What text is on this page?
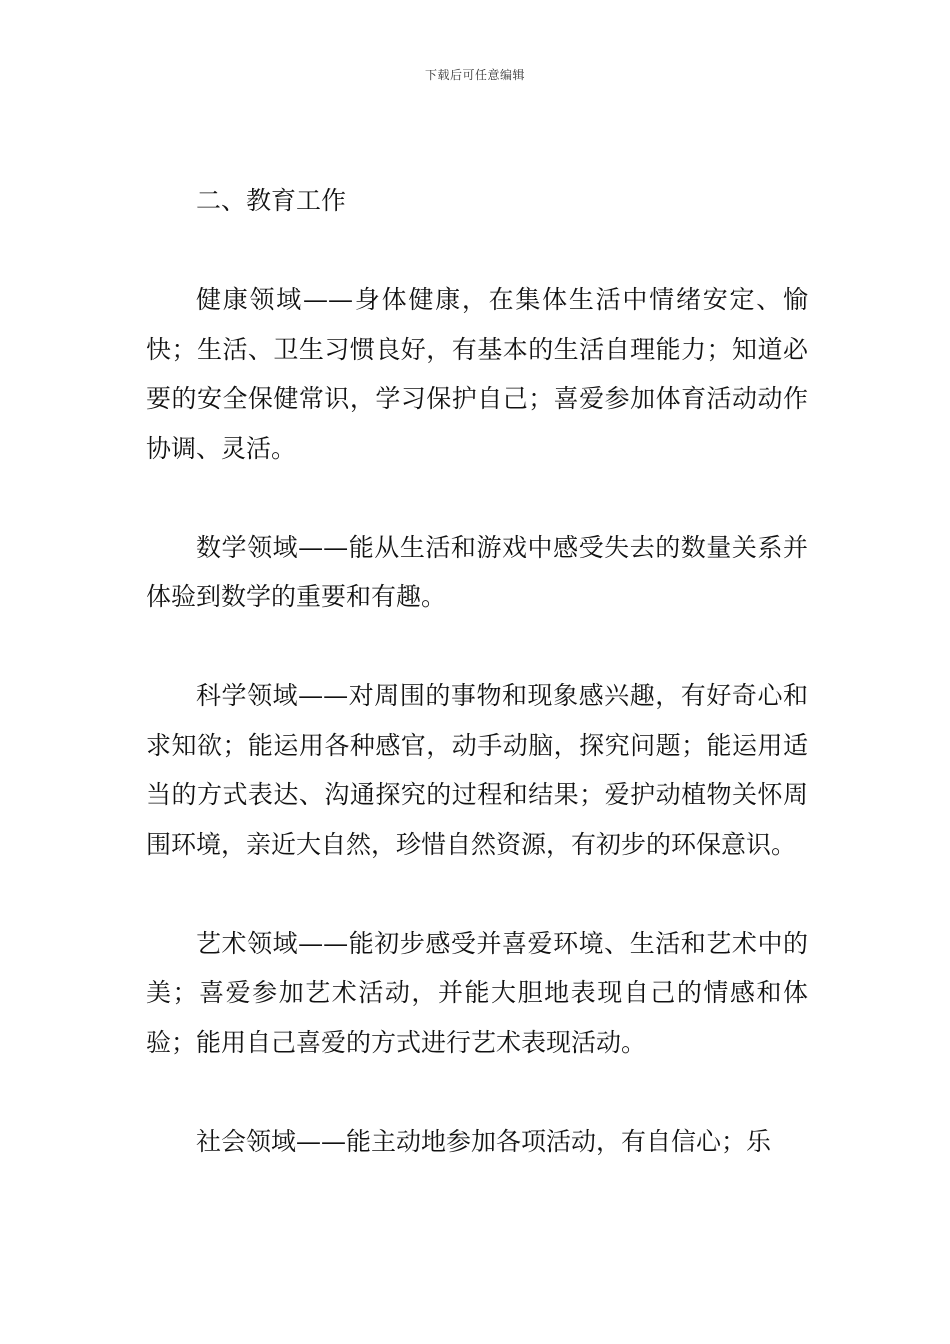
下载后可任意编辑

二、教育工作

健康领域——身体健康，在集体生活中情绪安定、愉快；生活、卫生习惯良好，有基本的生活自理能力；知道必要的安全保健常识，学习保护自己；喜爱参加体育活动动作协调、灵活。

数学领域——能从生活和游戏中感受失去的数量关系并体验到数学的重要和有趣。

科学领域——对周围的事物和现象感兴趣，有好奇心和求知欲；能运用各种感官，动手动脑，探究问题；能运用适当的方式表达、沟通探究的过程和结果；爱护动植物关怀周围环境，亲近大自然，珍惜自然资源，有初步的环保意识。

艺术领域——能初步感受并喜爱环境、生活和艺术中的美；喜爱参加艺术活动，并能大胆地表现自己的情感和体验；能用自己喜爱的方式进行艺术表现活动。

社会领域——能主动地参加各项活动，有自信心；乐
